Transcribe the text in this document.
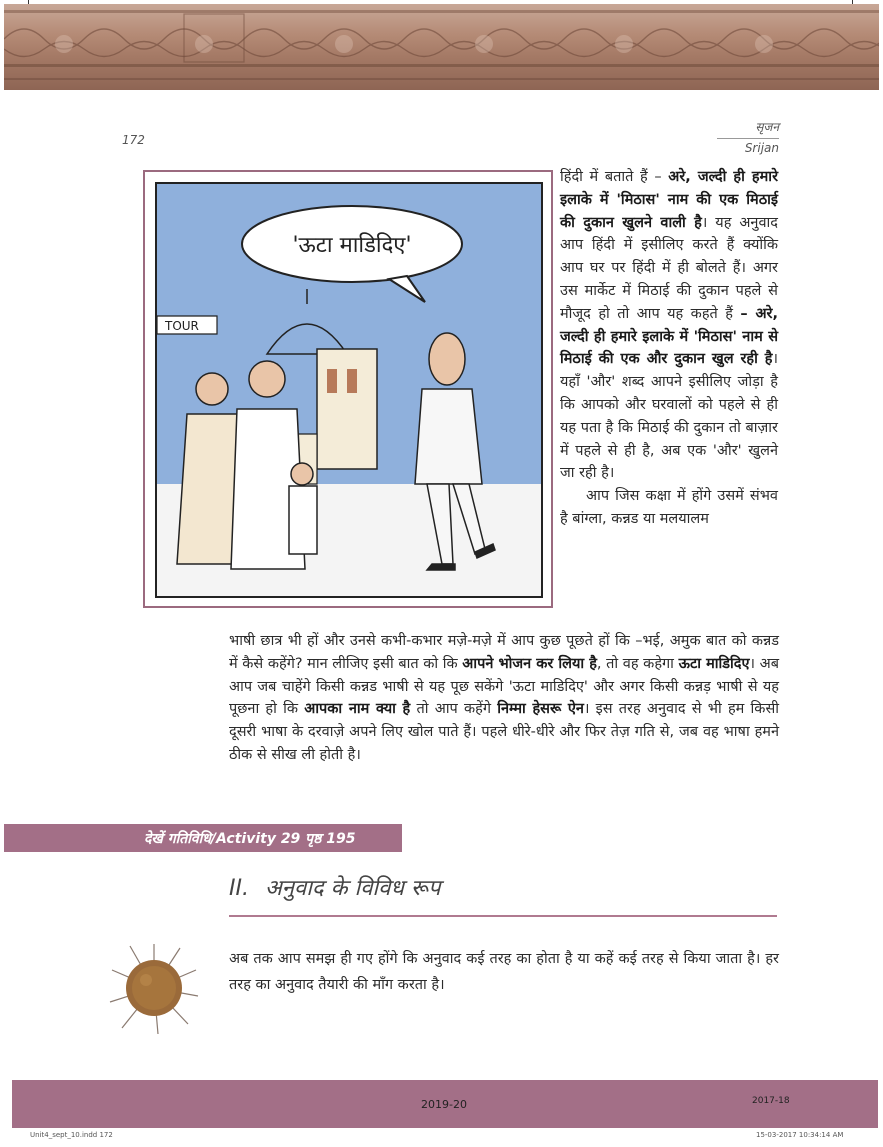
172
सृजन
Srijan
'ऊटा माडिदिए'
TOUR

हिंदी में बताते हैं – अरे, जल्दी ही हमारे इलाके में 'मिठास' नाम की एक मिठाई की दुकान खुलने वाली है। यह अनुवाद आप हिंदी में इसीलिए करते हैं क्योंकि आप घर पर हिंदी में ही बोलते हैं। अगर उस मार्केट में मिठाई की दुकान पहले से मौजूद हो तो आप यह कहते हैं – अरे, जल्दी ही हमारे इलाके में 'मिठास' नाम से मिठाई की एक और दुकान खुल रही है। यहाँ 'और' शब्द आपने इसीलिए जोड़ा है कि आपको और घरवालों को पहले से ही यह पता है कि मिठाई की दुकान तो बाज़ार में पहले से ही है, अब एक 'और' खुलने जा रही है।

आप जिस कक्षा में होंगे उसमें संभव है बांग्ला, कन्नड या मलयालम

भाषी छात्र भी हों और उनसे कभी-कभार मज़े-मज़े में आप कुछ पूछते हों कि –भई, अमुक बात को कन्नड में कैसे कहेंगे? मान लीजिए इसी बात को कि आपने भोजन कर लिया है, तो वह कहेगा ऊटा माडिदिए। अब आप जब चाहेंगे किसी कन्नड भाषी से यह पूछ सकेंगे 'ऊटा माडिदिए' और अगर किसी कन्नड़ भाषी से यह पूछना हो कि आपका नाम क्या है तो आप कहेंगे निम्मा हेसरू ऐन। इस तरह अनुवाद से भी हम किसी दूसरी भाषा के दरवाज़े अपने लिए खोल पाते हैं। पहले धीरे-धीरे और फिर तेज़ गति से, जब वह भाषा हमने ठीक से सीख ली होती है।

देखें गतिविधि/Activity 29 पृष्ठ 195
II. अनुवाद के विविध रूप
अब तक आप समझ ही गए होंगे कि अनुवाद कई तरह का होता है या कहें कई तरह से किया जाता है। हर तरह का अनुवाद तैयारी की माँग करता है।
2019-20	2017-18
Unit4_sept_10.indd 172	15-03-2017 10:34:14 AM
